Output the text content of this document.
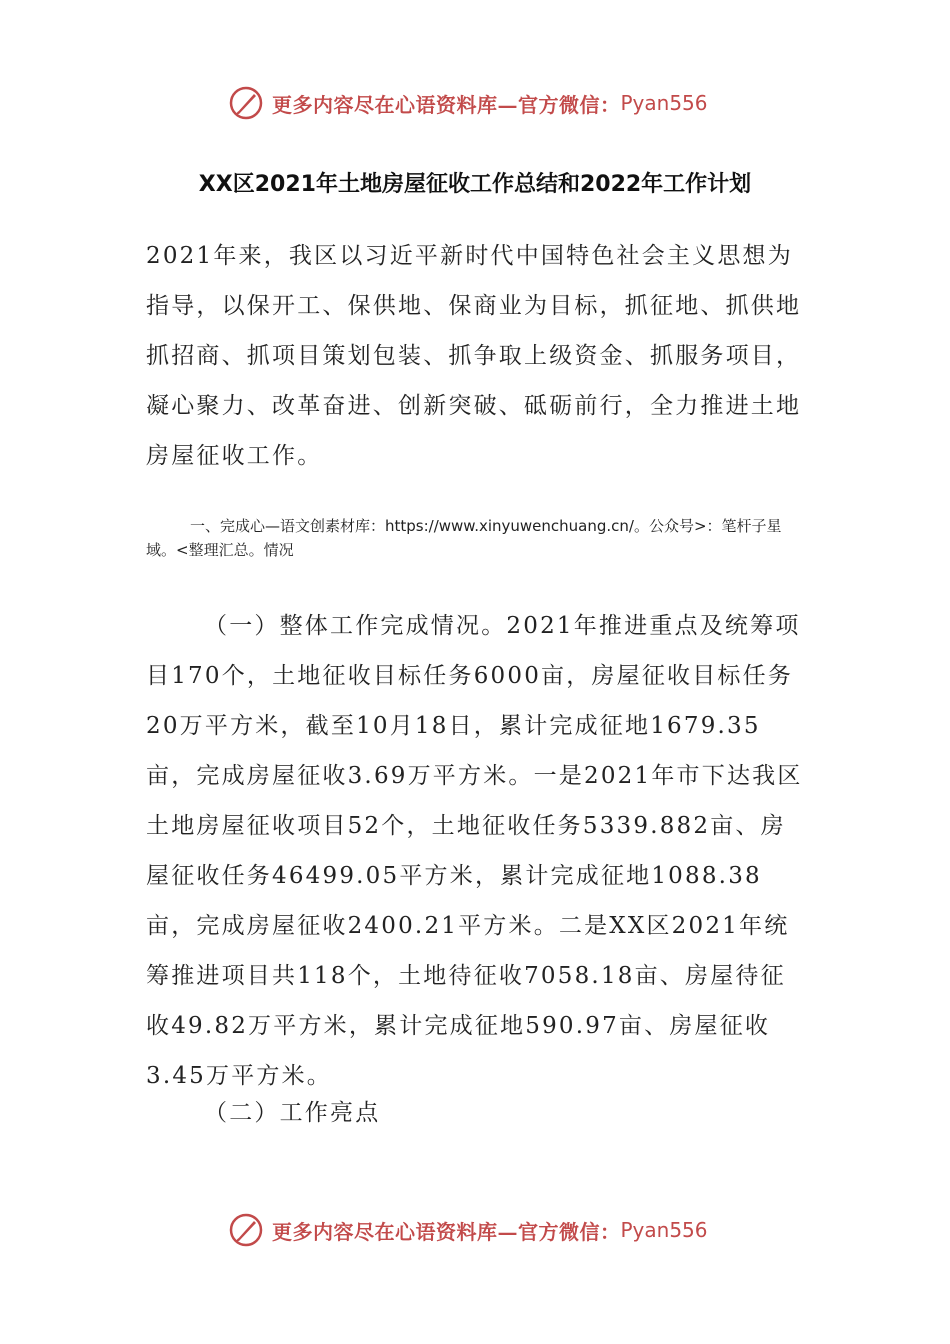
更多内容尽在心语资料库—官方微信： Pyan556
XX区2021年土地房屋征收工作总结和2022年工作计划

2021年来，我区以习近平新时代中国特色社会主义思想为指导，以保开工、保供地、保商业为目标，抓征地、抓供地抓招商、抓项目策划包装、抓争取上级资金、抓服务项目，凝心聚力、改革奋进、创新突破、砥砺前行，全力推进土地房屋征收工作。

一、完成心—语文创素材库：https://www.xinyuwenchuang.cn/。公众号>：笔杆子星域。<整理汇总。情况

（一）整体工作完成情况。2021年推进重点及统筹项目170个，土地征收目标任务6000亩，房屋征收目标任务20万平方米，截至10月18日，累计完成征地1679.35亩，完成房屋征收3.69万平方米。一是2021年市下达我区土地房屋征收项目52个，土地征收任务5339.882亩、房屋征收任务46499.05平方米，累计完成征地1088.38亩，完成房屋征收2400.21平方米。二是XX区2021年统筹推进项目共118个，土地待征收7058.18亩、房屋待征收49.82万平方米，累计完成征地590.97亩、房屋征收3.45万平方米。

（二）工作亮点

更多内容尽在心语资料库—官方微信： Pyan556
